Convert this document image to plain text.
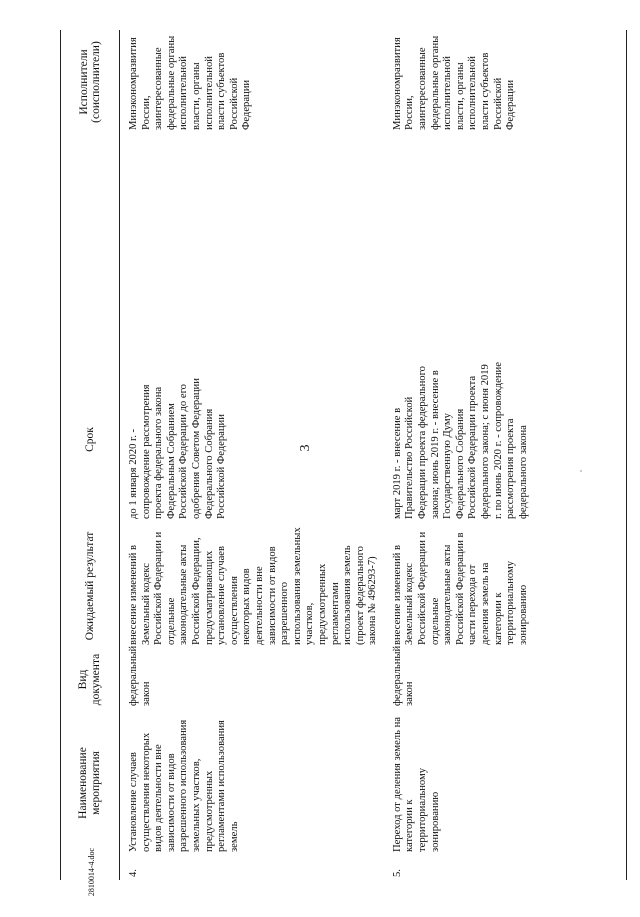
3
	Наименование мероприятия	Вид документа	Ожидаемый результат	Срок		Исполнители (соисполнители)
4.	Установление случаев осуществления некоторых видов деятельности вне зависимости от видов разрешенного использования земельных участков, предусмотренных регламентами использования земель	федеральный закон	внесение изменений в Земельный кодекс Российской Федерации и отдельные законодательные акты Российской Федерации, предусматривающих установление случаев осуществления некоторых видов деятельности вне зависимости от видов разрешенного использования земельных участков, предусмотренных регламентами использования земель (проект федерального закона № 496293-7)	до 1 января 2020 г. - сопровождение рассмотрения проекта федерального закона Федеральным Собранием Российской Федерации до его одобрения Советом Федерации Федерального Собрания Российской Федерации		Минэкономразвития России, заинтересованные федеральные органы исполнительной власти, органы исполнительной власти субъектов Российской Федерации
5.	Переход от деления земель на категории к территориальному зонированию	федеральный закон	внесение изменений в Земельный кодекс Российской Федерации и отдельные законодательные акты Российской Федерации в части перехода от деления земель на категории к территориальному зонированию	март 2019 г. - внесение в Правительство Российской Федерации проекта федерального закона; июнь 2019 г. - внесение в Государственную Думу Федерального Собрания Российской Федерации проекта федерального закона; с июня 2019 г. по июнь 2020 г. - сопровождение рассмотрения проекта федерального закона		Минэкономразвития России, заинтересованные федеральные органы исполнительной власти, органы исполнительной власти субъектов Российской Федерации
2810014-4.doc
